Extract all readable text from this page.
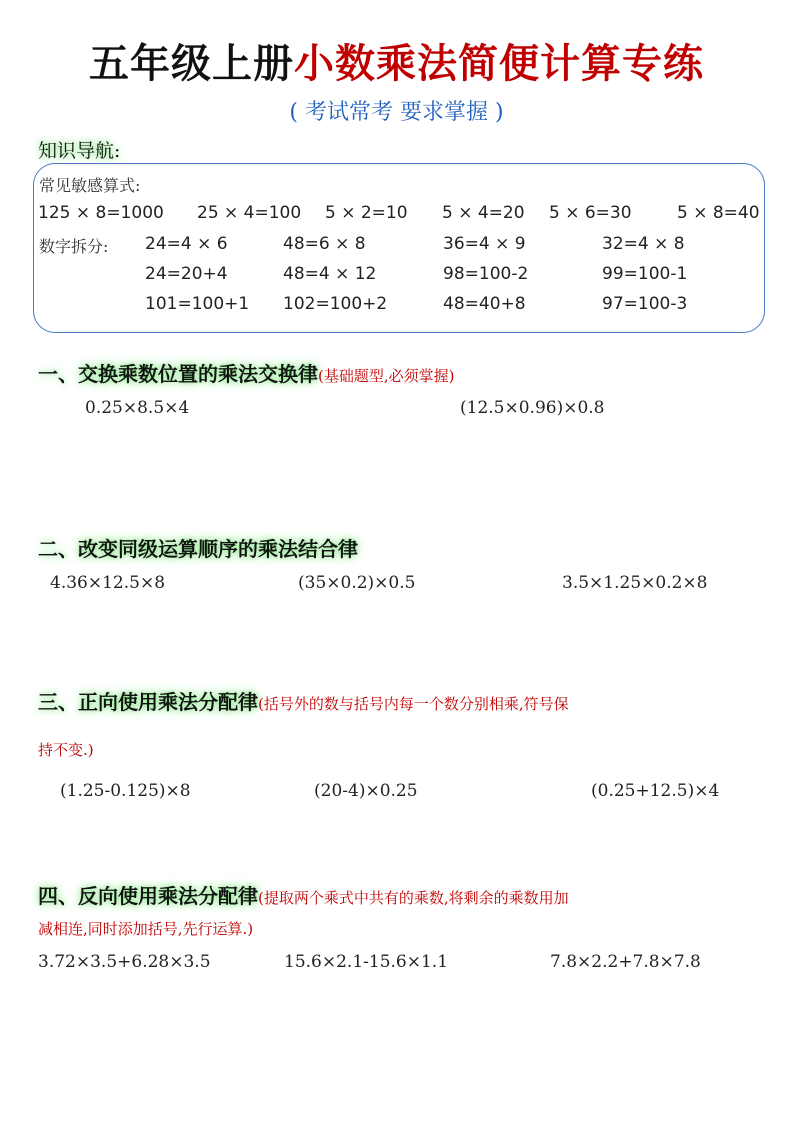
五年级上册小数乘法简便计算专练
( 考试常考 要求掌握 )
知识导航:
常见敏感算式:
125 × 8=1000 25 × 4=100 5 × 2=10 5 × 4=20 5 × 6=30	5 × 8=40
数字拆分: 24=4 × 6	48=6 × 8	36=4 × 9	32=4 × 8
24=20+4	48=4 × 12	98=100-2	99=100-1
101=100+1 102=100+2	48=40+8	97=100-3
一、交换乘数位置的乘法交换律(基础题型,必须掌握)
0.25×8.5×4	(12.5×0.96)×0.8
二、改变同级运算顺序的乘法结合律
4.36×12.5×8	(35×0.2)×0.5	3.5×1.25×0.2×8
三、正向使用乘法分配律(括号外的数与括号内每一个数分别相乘,符号保
持不变.)
(1.25-0.125)×8	(20-4)×0.25	(0.25+12.5)×4
四、反向使用乘法分配律(提取两个乘式中共有的乘数,将剩余的乘数用加
减相连,同时添加括号,先行运算.)
3.72×3.5+6.28×3.5	15.6×2.1-15.6×1.1	7.8×2.2+7.8×7.8
